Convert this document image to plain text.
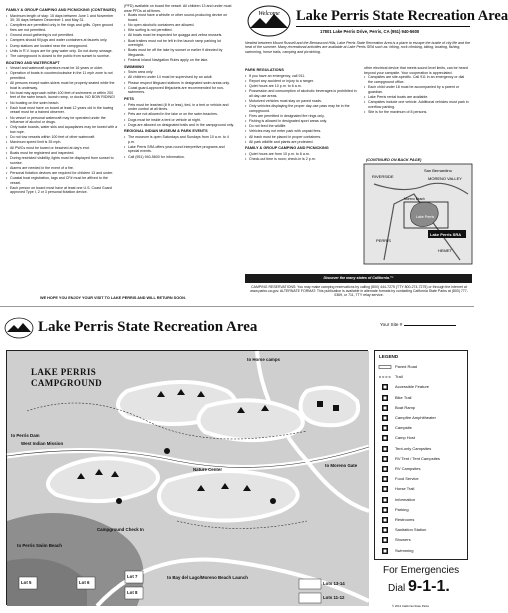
FAMILY & GROUP CAMPING AND PICNICKING (CONTINUED)
• Maximum length of stay: 15 days between June 1 and November 30; 30 days between December 1 and May 31.
• Campfires are permitted only in fire rings and grills. Open ground fires are not permitted.
• Ground wood gathering is not permitted.
• Campers should fill jugs and water containers at faucets only.
• Dump stations are located near the campground.
• Units in R.V. loops are for gray water only. Do not dump sewage.
• The campground is closed to the public from sunset to sunrise.
BOATING AND WATERCRAFT
• Vessel and watercraft operators must be 16 years or older.
• Operation of boats in counterclockwise in the 11 mph zone is not permitted.
• All persons except water-skiers must be properly seated while the boat is underway.
• No boat may approach within 100 feet of swimmers or within 200 feet of the swim beach, launch ramp, or docks. NO BOW RIDING!
• No boating on the swim beach.
• Each boat must have on board at least 12 years old in the towing vessel must be a trained observer.
• No vessel or personal watercraft may be operated under the influence of alcohol or drugs.
• Only wake boards, water skis and aquaplanes may be towed with a tow rope.
• Do not tow vessels within 100 feet of other watercraft.
• Maximum speed limit is 35 mph.
• All PWCs must be towed or beached at day's end.
• Boats must be registered and inspected.
• During restricted visibility, lights must be displayed from sunset to sunrise.
• Alarms are needed in the event of a fire.
• Personal flotation devices are required for children 13 and under.
• Coastal boat registration, tags and CF# must be affixed to the vessel.
• Each person on board must have at least one U.S. Coast Guard approved Type I, 2 or 3 personal flotation device.
(PFD) available on board the vessel. All children 13 and under must wear PFDs at all times.
• Boats must have a whistle or other sound-producing device on board.
• No open alcoholic containers are allowed.
• Kite surfing is not permitted.
• All boats must be inspected for quagga and zebra mussels.
• Boat trailers must not be left in the launch ramp parking lot overnight.
• Boats must be off the lake by sunset or earlier if directed by lifeguards.
• Federal Inland Navigation Rules apply on the lake.
SWIMMING
• Swim area only.
• All children under 14 must be supervised by an adult.
• Please respect lifeguard stations in designated swim areas only.
• Coast guard-approved lifejackets are recommended for non-swimmers.
PETS
• Pets must be leashed (6 ft or less), tied, in a tent or vehicle and under control at all times.
• Pets are not allowed in the lake or on the swim beaches.
• Dogs must be inside a tent or vehicle at night.
• Dogs are allowed on designated trails and in the campground only.
REGIONAL INDIAN MUSEUM & PARK EVENTS
• The museum is open Saturdays and Sundays from 10 a.m. to 4 p.m.
• Lake Perris SRA offers year-round interpretive programs and special events.
• Call (951) 940-5600 for information.
Welcome Lake Perris State Recreation Area
17801 Lake Perris Drive, Perris, CA (951) 940-5600
Nestled between Mount Russell and the Bernasconi Hills, Lake Perris State Recreation Area is a place to escape the bustle of city life and the heat of the summer. Many recreational activities are available at Lake Perris SRA such as: hiking, rock climbing, biking, boating, fishing, swimming, horse trails, camping and picnicking.
PARK REGULATIONS
• If you have an emergency, call 911.
• Report any accident or injury to a ranger.
• Quiet hours are 10 p.m. to 6 a.m.
• Possession and consumption of alcoholic beverages is prohibited in all day-use areas.
• Motorized vehicles must stay on paved roads.
• Only vehicles displaying the proper day-use pass may be in the campground.
• Fires are permitted in designated fire rings only.
• Fishing is allowed in designated sport areas only.
• Do not feed the wildlife.
• Vehicles may not enter park with unpaid fees.
• All trash must be placed in proper containers.
• All park wildlife and plants are protected.
FAMILY & GROUP CAMPING AND PICNICKING
• Quiet hours are from 10 p.m. to 6 a.m.
• Check-out time is noon; check-in is 2 p.m.
other electrical device that meets sound level limits, can be heard beyond your campsite. Your cooperation is appreciated.
• Campsites are site-specific. Call 911 in an emergency or dial the campground office.
• Each child under 18 must be accompanied by a parent or guardian.
• Lake Perris rental boats are available.
• Campsites include one vehicle. Additional vehicles must park in overflow parking.
• Site is for the maximum of 8 persons.
(CONTINUED ON BACK PAGE)
RIVERSIDE	MORENO VALLEY
Lake Perris
San Bernardino
PERRIS
HEMET
Moreno Beach
Lake Perris SRA
Discover the many states of California.™
CAMPING RESERVATIONS: You may make camping reservations by calling (800) 444-7275 (TTY 800-274-7275) or through the internet at www.parks.ca.gov. ALTERNATE FORMAT: This publication is available in alternate formats by contacting California State Parks at (800) 777-0369, or 711, TTY relay service.
WE HOPE YOU ENJOY YOUR VISIT TO LAKE PERRIS AND WILL RETURN SOON.
Lake Perris State Recreation Area	Your Site #
LAKE PERRIS
CAMPGROUND
to Horse camps
to Moreno Gate
to Perris Dam
West Indian Mission
Nature Center
Campground Check In
to Perris Swim Beach
Lot 5	Lot 6
Lot 7
Lot 8
Lots 13-14
Lots 11-12
to Bay del Lago/Moreno Beach Launch
LEGEND
Paved Road
Trail
Accessible Feature
Bike Trail
Boat Ramp
Campfire Amphitheater
Campsite
Camp Host
Tent-only Campsites
RV Tent / Tent Campsites
RV Campsites
Food Service
Horse Trail
Information
Parking
Restrooms
Sanitation Station
Showers
Swimming
For Emergencies
Dial 9-1-1.
© 2013 California State Parks
